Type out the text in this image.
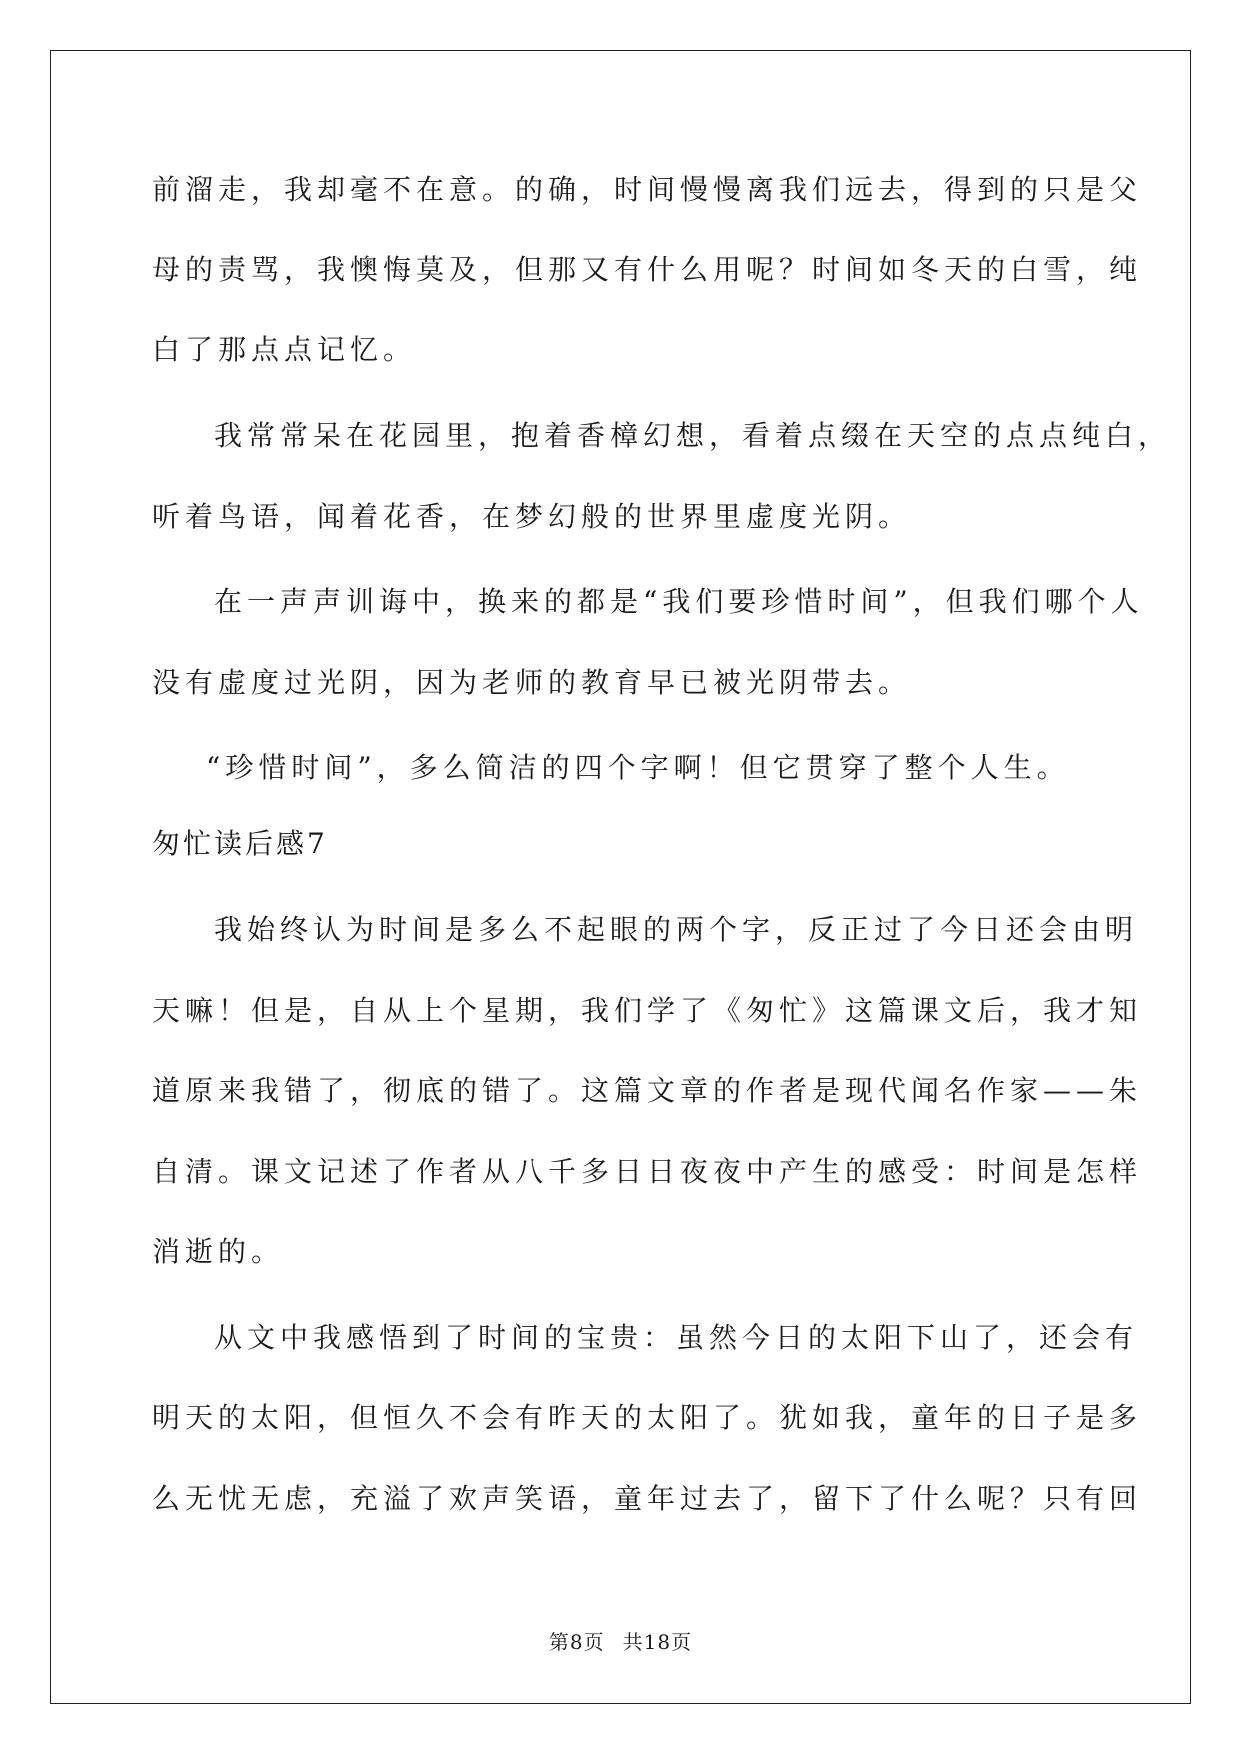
前溜走，我却毫不在意。的确，时间慢慢离我们远去，得到的只是父
母的责骂，我懊悔莫及，但那又有什么用呢？时间如冬天的白雪，纯
白了那点点记忆。
我常常呆在花园里，抱着香樟幻想，看着点缀在天空的点点纯白，
听着鸟语，闻着花香，在梦幻般的世界里虚度光阴。
在一声声训诲中，换来的都是“我们要珍惜时间”，但我们哪个人
没有虚度过光阴，因为老师的教育早已被光阴带去。
“珍惜时间”，多么简洁的四个字啊！但它贯穿了整个人生。
匆忙读后感7
我始终认为时间是多么不起眼的两个字，反正过了今日还会由明
天嘛！但是，自从上个星期，我们学了《匆忙》这篇课文后，我才知
道原来我错了，彻底的错了。这篇文章的作者是现代闻名作家——朱
自清。课文记述了作者从八千多日日夜夜中产生的感受：时间是怎样
消逝的。
从文中我感悟到了时间的宝贵：虽然今日的太阳下山了，还会有
明天的太阳，但恒久不会有昨天的太阳了。犹如我，童年的日子是多
么无忧无虑，充溢了欢声笑语，童年过去了，留下了什么呢？只有回
第8页 共18页
